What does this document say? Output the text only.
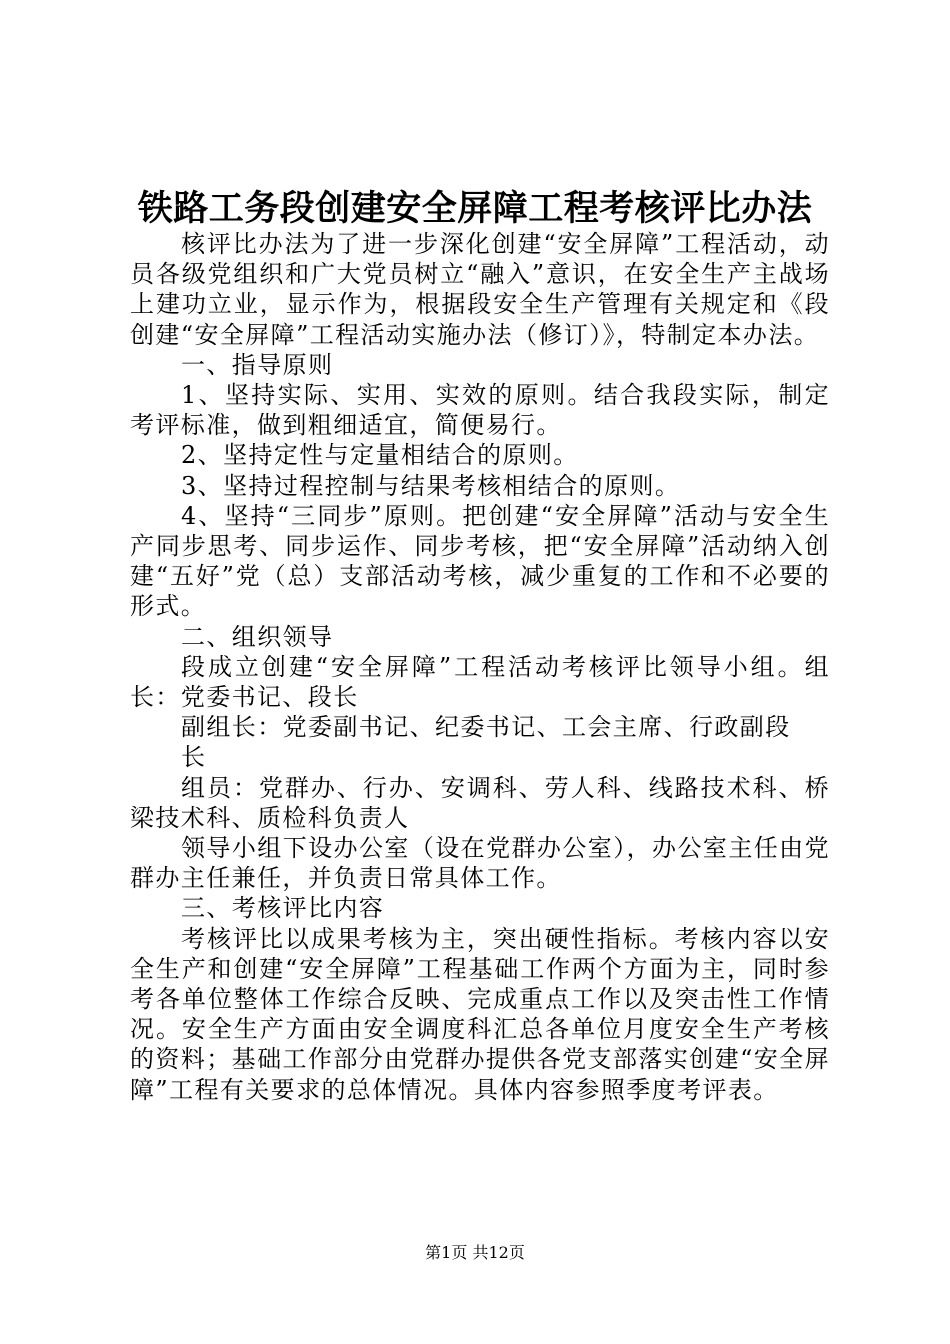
铁路工务段创建安全屏障工程考核评比办法

核评比办法为了进一步深化创建“安全屏障”工程活动，动员各级党组织和广大党员树立“融入”意识，在安全生产主战场上建功立业，显示作为，根据段安全生产管理有关规定和《段创建“安全屏障”工程活动实施办法（修订）》，特制定本办法。

一、指导原则

1、坚持实际、实用、实效的原则。结合我段实际，制定考评标准，做到粗细适宜，简便易行。

2、坚持定性与定量相结合的原则。

3、坚持过程控制与结果考核相结合的原则。

4、坚持“三同步”原则。把创建“安全屏障”活动与安全生产同步思考、同步运作、同步考核，把“安全屏障”活动纳入创建“五好”党（总）支部活动考核，减少重复的工作和不必要的形式。

二、组织领导

段成立创建“安全屏障”工程活动考核评比领导小组。组长：党委书记、段长

副组长：党委副书记、纪委书记、工会主席、行政副段长

组员：党群办、行办、安调科、劳人科、线路技术科、桥梁技术科、质检科负责人

领导小组下设办公室（设在党群办公室），办公室主任由党群办主任兼任，并负责日常具体工作。

三、考核评比内容

考核评比以成果考核为主，突出硬性指标。考核内容以安全生产和创建“安全屏障”工程基础工作两个方面为主，同时参考各单位整体工作综合反映、完成重点工作以及突击性工作情况。安全生产方面由安全调度科汇总各单位月度安全生产考核的资料；基础工作部分由党群办提供各党支部落实创建“安全屏障”工程有关要求的总体情况。具体内容参照季度考评表。

第1页 共12页
